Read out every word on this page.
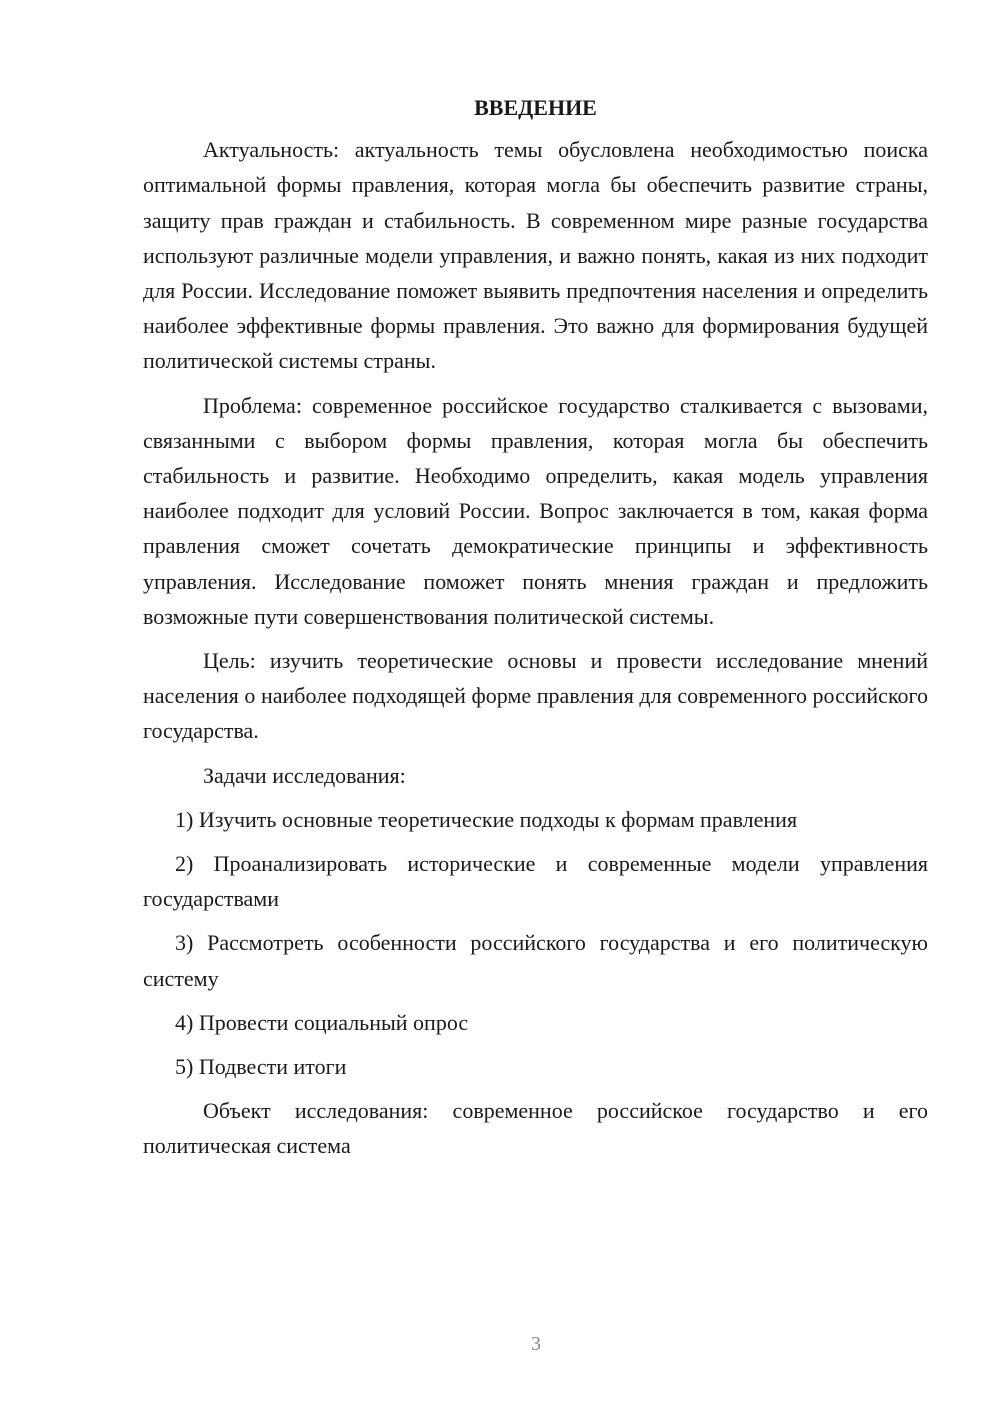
ВВЕДЕНИЕ

Актуальность: актуальность темы обусловлена необходимостью поиска оптимальной формы правления, которая могла бы обеспечить развитие страны, защиту прав граждан и стабильность. В современном мире разные государства используют различные модели управления, и важно понять, какая из них подходит для России. Исследование поможет выявить предпочтения населения и определить наиболее эффективные формы правления. Это важно для формирования будущей политической системы страны.

Проблема: современное российское государство сталкивается с вызовами, связанными с выбором формы правления, которая могла бы обеспечить стабильность и развитие. Необходимо определить, какая модель управления наиболее подходит для условий России. Вопрос заключается в том, какая форма правления сможет сочетать демократические принципы и эффективность управления. Исследование поможет понять мнения граждан и предложить возможные пути совершенствования политической системы.

Цель: изучить теоретические основы и провести исследование мнений населения о наиболее подходящей форме правления для современного российского государства.

Задачи исследования:

1) Изучить основные теоретические подходы к формам правления

2) Проанализировать исторические и современные модели управления государствами

3) Рассмотреть особенности российского государства и его политическую систему

4) Провести социальный опрос

5) Подвести итоги

Объект исследования: современное российское государство и его политическая система

3
